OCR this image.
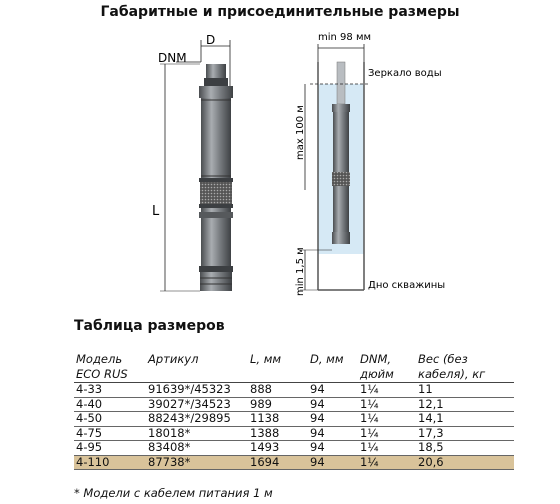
Габаритные и присоединительные размеры
DNM
D
L
min 98 мм
Зеркало воды
max 100 м
min 1,5 м	Дно скважины
Таблица размеров
Модель ECO RUS	Артикул	L, мм	D, мм	DNM, дюйм	Вес (без кабеля), кг
4-33	91639*/45323	888	94	1¼	11
4-40	39027*/34523	989	94	1¼	12,1
4-50	88243*/29895	1138	94	1¼	14,1
4-75	18018*	1388	94	1¼	17,3
4-95	83408*	1493	94	1¼	18,5
4-110	87738*	1694	94	1¼	20,6
* Модели с кабелем питания 1 м
